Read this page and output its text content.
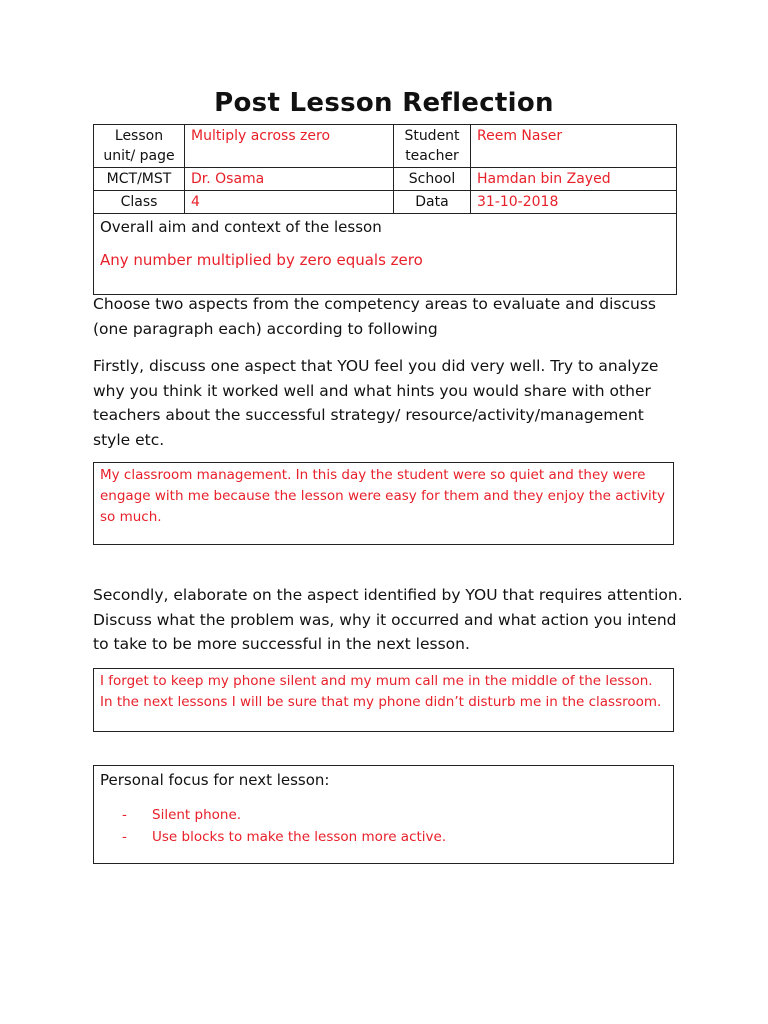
Post Lesson Reflection
Lesson unit/ page	Multiply across zero	Student teacher	Reem Naser
MCT/MST	Dr. Osama	School	Hamdan bin Zayed
Class	4	Data	31-10-2018

Overall aim and context of the lesson
Any number multiplied by zero equals zero			
Choose two aspects from the competency areas to evaluate and discuss (one paragraph each) according to following
Firstly, discuss one aspect that YOU feel you did very well. Try to analyze why you think it worked well and what hints you would share with other teachers about the successful strategy/ resource/activity/management style etc.
My classroom management. In this day the student were so quiet and they were engage with me because the lesson were easy for them and they enjoy the activity so much.
Secondly, elaborate on the aspect identified by YOU that requires attention. Discuss what the problem was, why it occurred and what action you intend to take to be more successful in the next lesson.
I forget to keep my phone silent and my mum call me in the middle of the lesson. In the next lessons I will be sure that my phone didn’t disturb me in the classroom.
Personal focus for next lesson:
-	Silent phone.
-	Use blocks to make the lesson more active.
